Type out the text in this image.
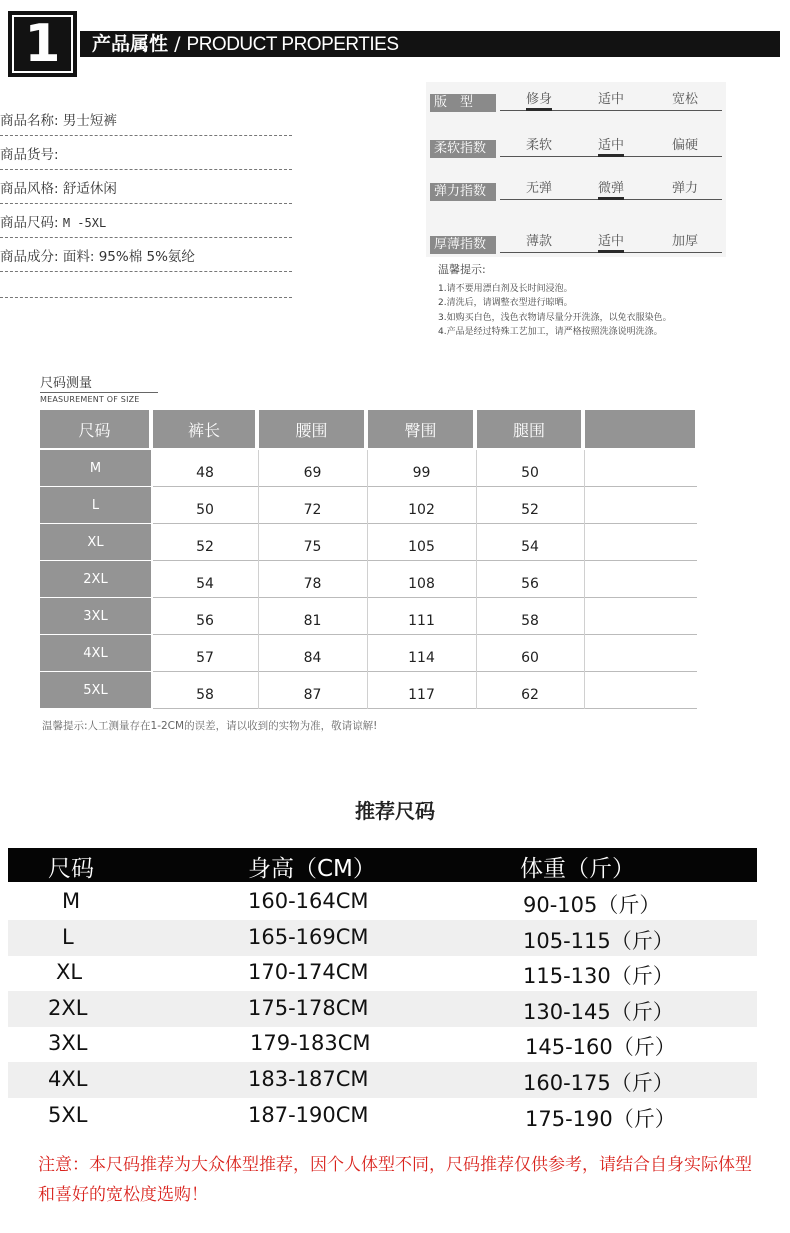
1	产品属性 / PRODUCT PROPERTIES
商品名称: 男士短裤
商品货号:
商品风格: 舒适休闲
商品尺码: M -5XL
商品成分: 面料: 95%棉 5%氨纶
版　型	修身	适中	宽松
柔软指数	柔软	适中	偏硬
弹力指数	无弹	微弹	弹力
厚薄指数	薄款	适中	加厚
温馨提示:
1.请不要用漂白剂及长时间浸泡。
2.清洗后，请调整衣型进行晾晒。
3.如购买白色，浅色衣物请尽量分开洗涤，以免衣服染色。
4.产品是经过特殊工艺加工，请严格按照洗涤说明洗涤。
尺码测量
MEASUREMENT OF SIZE
尺码	裤长	腰围	臀围	腿围
M	48	69	99	50
L	50	72	102	52
XL	52	75	105	54
2XL	54	78	108	56
3XL	56	81	111	58
4XL	57	84	114	60
5XL	58	87	117	62
温馨提示:人工测量存在1-2CM的误差，请以收到的实物为准，敬请谅解!
推荐尺码
尺码	身高（CM）	体重（斤）
M	160-164CM	90-105（斤）
L	165-169CM	105-115（斤）
XL	170-174CM	115-130（斤）
2XL	175-178CM	130-145（斤）
3XL	179-183CM	145-160（斤）
4XL	183-187CM	160-175（斤）
5XL	187-190CM	175-190（斤）
注意：本尺码推荐为大众体型推荐，因个人体型不同，尺码推荐仅供参考，请结合自身实际体型和喜好的宽松度选购！
